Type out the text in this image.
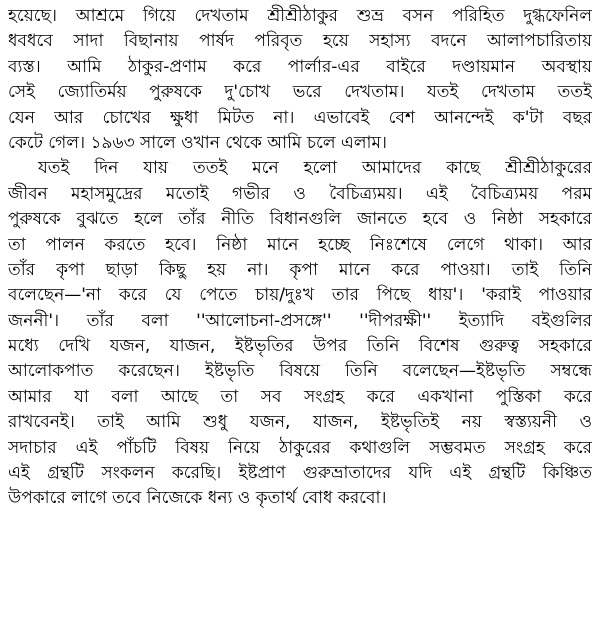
হয়েছে। আশ্রমে গিয়ে দেখতাম শ্রীশ্রীঠাকুর শুভ্র বসন পরিহিত দুগ্ধফেনিল
ধবধবে সাদা বিছানায় পার্ষদ পরিবৃত হয়ে সহাস্য বদনে আলাপচারিতায়
ব্যস্ত। আমি ঠাকুর-প্রণাম করে পার্লার-এর বাইরে দণ্ডায়মান অবস্থায়
সেই জ্যোতির্ময় পুরুষকে দু'চোখ ভরে দেখতাম। যতই দেখতাম ততই
যেন আর চোখের ক্ষুধা মিটত না। এভাবেই বেশ আনন্দেই ক'টা বছর
কেটে গেল। ১৯৬৩ সালে ওখান থেকে আমি চলে এলাম।
যতই দিন যায় ততই মনে হলো আমাদের কাছে শ্রীশ্রীঠাকুরের
জীবন মহাসমুদ্রের মতোই গভীর ও বৈচিত্র্যময়। এই বৈচিত্র্যময় পরম
পুরুষকে বুঝতে হলে তাঁর নীতি বিধানগুলি জানতে হবে ও নিষ্ঠা সহকারে
তা পালন করতে হবে। নিষ্ঠা মানে হচ্ছে নিঃশেষে লেগে থাকা। আর
তাঁর কৃপা ছাড়া কিছু হয় না। কৃপা মানে করে পাওয়া। তাই তিনি
বলেছেন—'না করে যে পেতে চায়/দুঃখ তার পিছে ধায়'। 'করাই পাওয়ার
জননী'। তাঁর বলা ''আলোচনা-প্রসঙ্গে'' ''দীপরক্ষী'' ইত্যাদি বইগুলির
মধ্যে দেখি যজন, যাজন, ইষ্টভৃতির উপর তিনি বিশেষ গুরুত্ব সহকারে
আলোকপাত করেছেন। ইষ্টভৃতি বিষয়ে তিনি বলেছেন—ইষ্টভৃতি সম্বন্ধে
আমার যা বলা আছে তা সব সংগ্রহ করে একখানা পুস্তিকা করে
রাখবেনই। তাই আমি শুধু যজন, যাজন, ইষ্টভৃতিই নয় স্বস্ত্যয়নী ও
সদাচার এই পাঁচটি বিষয় নিয়ে ঠাকুরের কথাগুলি সম্ভবমত সংগ্রহ করে
এই গ্রন্থটি সংকলন করেছি। ইষ্টপ্রাণ গুরুভ্রাতাদের যদি এই গ্রন্থটি কিঞ্চিত
উপকারে লাগে তবে নিজেকে ধন্য ও কৃতার্থ বোধ করবো।
